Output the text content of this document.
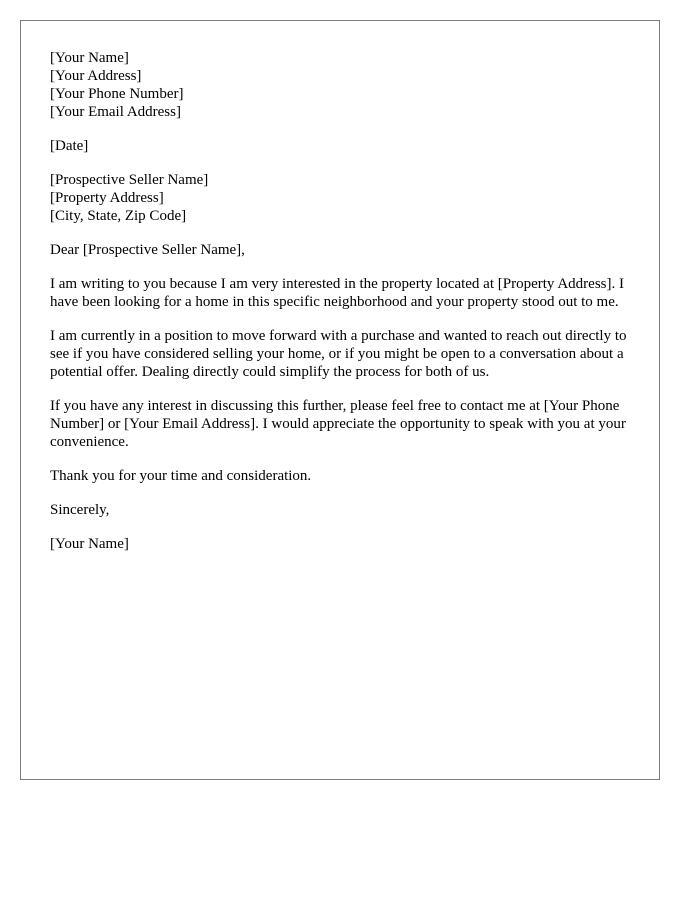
[Your Name]
[Your Address]
[Your Phone Number]
[Your Email Address]
[Date]
[Prospective Seller Name]
[Property Address]
[City, State, Zip Code]

Dear [Prospective Seller Name],

I am writing to you because I am very interested in the property located at [Property Address]. I have been looking for a home in this specific neighborhood and your property stood out to me.

I am currently in a position to move forward with a purchase and wanted to reach out directly to see if you have considered selling your home, or if you might be open to a conversation about a potential offer. Dealing directly could simplify the process for both of us.

If you have any interest in discussing this further, please feel free to contact me at [Your Phone Number] or [Your Email Address]. I would appreciate the opportunity to speak with you at your convenience.

Thank you for your time and consideration.

Sincerely,

[Your Name]
